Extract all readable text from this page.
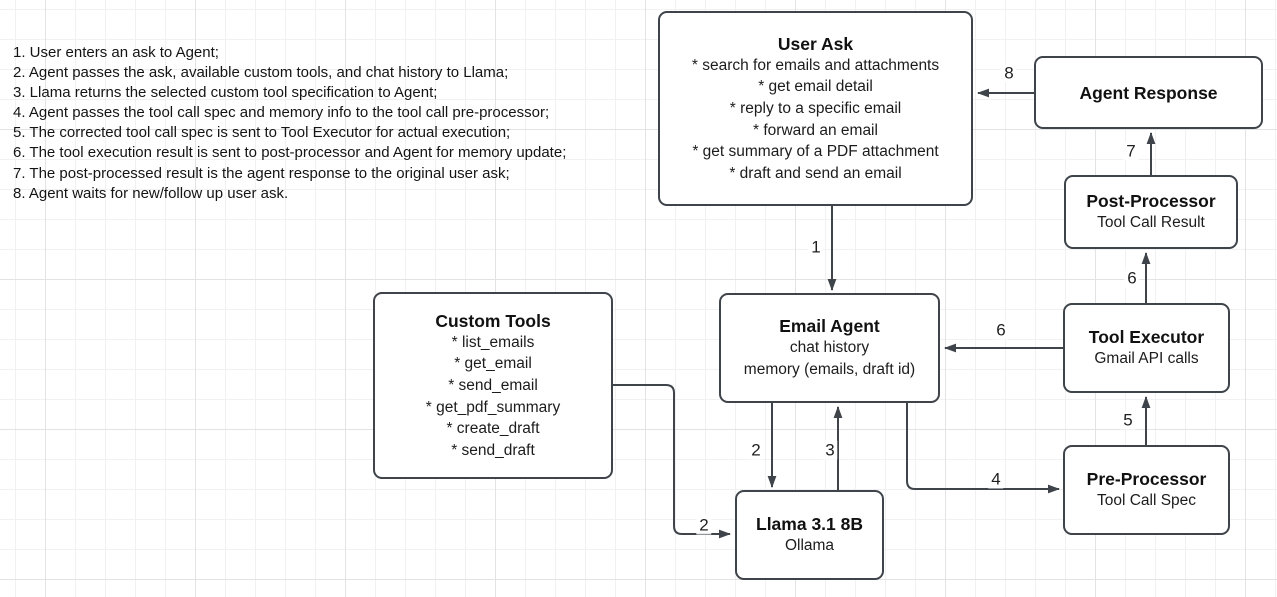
1. User enters an ask to Agent;
2. Agent passes the ask, available custom tools, and chat history to Llama;
3. Llama returns the selected custom tool specification to Agent;
4. Agent passes the tool call spec and memory info to the tool call pre-processor;
5. The corrected tool call spec is sent to Tool Executor for actual execution;
6. The tool execution result is sent to post-processor and Agent for memory update;
7. The post-processed result is the agent response to the original user ask;
8. Agent waits for new/follow up user ask.
User Ask
* search for emails and attachments
* get email detail
* reply to a specific email
* forward an email
* get summary of a PDF attachment
* draft and send an email
Agent Response
Post-Processor
Tool Call Result
Tool Executor
Gmail API calls
Pre-Processor
Tool Call Spec
Email Agent
chat history
memory (emails, draft id)
Custom Tools
* list_emails
* get_email
* send_email
* get_pdf_summary
* create_draft
* send_draft
Llama 3.1 8B
Ollama
1
2
2
3
4
5
6
6
7
8
